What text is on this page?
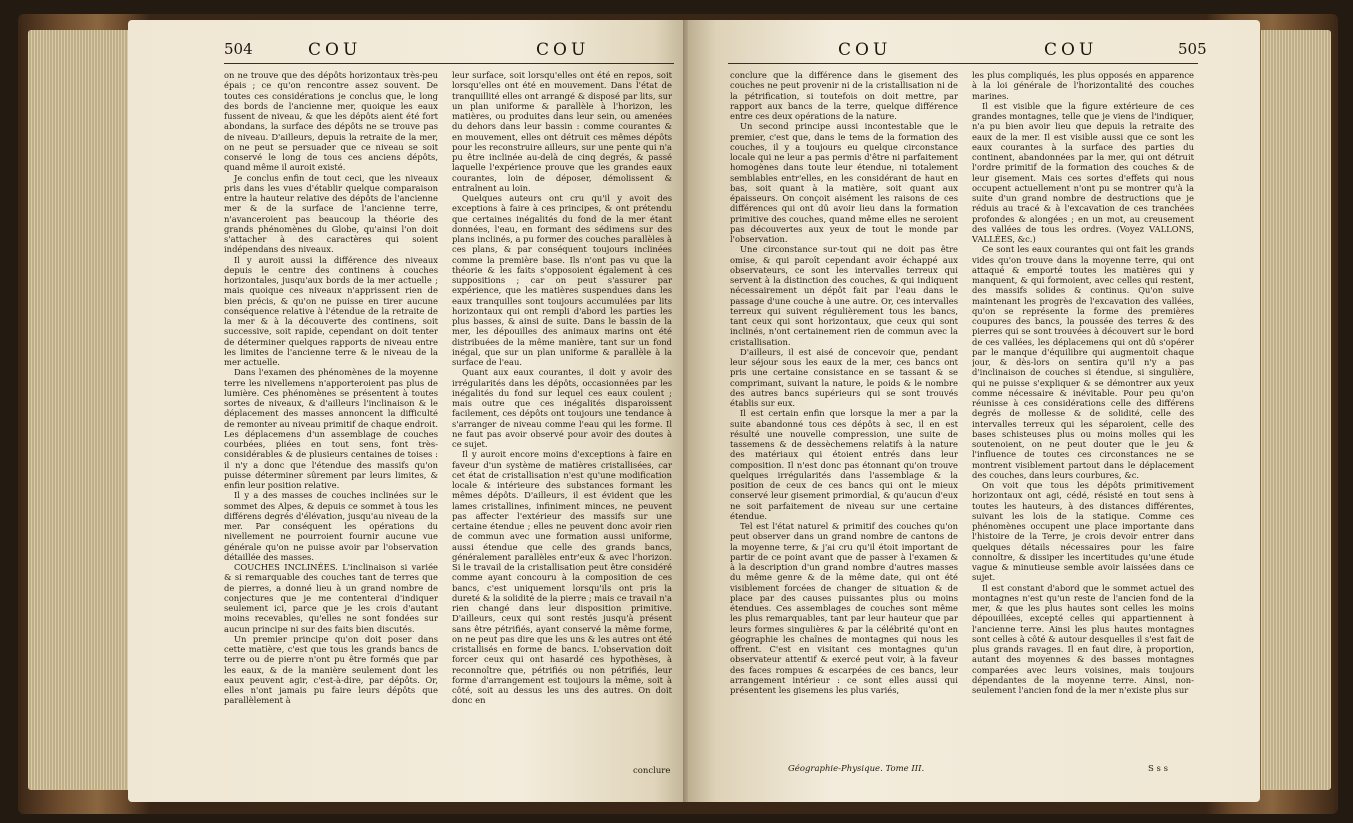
504	COU	COU

on ne trouve que des dépôts horizontaux très-peu épais ; ce qu'on rencontre assez souvent. De toutes ces considérations je conclus que, le long des bords de l'ancienne mer, quoique les eaux fussent de niveau, & que les dépôts aient été fort abondans, la surface des dépôts ne se trouve pas de niveau. D'ailleurs, depuis la retraite de la mer, on ne peut se persuader que ce niveau se soit conservé le long de tous ces anciens dépôts, quand même il auroit existé.

Je conclus enfin de tout ceci, que les niveaux pris dans les vues d'établir quelque comparaison entre la hauteur relative des dépôts de l'ancienne mer & de la surface de l'ancienne terre, n'avanceroient pas beaucoup la théorie des grands phénomènes du Globe, qu'ainsi l'on doit s'attacher à des caractères qui soient indépendans des niveaux.

Il y auroit aussi la différence des niveaux depuis le centre des continens à couches horizontales, jusqu'aux bords de la mer actuelle ; mais quoique ces niveaux n'apprissent rien de bien précis, & qu'on ne puisse en tirer aucune conséquence relative à l'étendue de la retraite de la mer & à la découverte des continens, soit successive, soit rapide, cependant on doit tenter de déterminer quelques rapports de niveau entre les limites de l'ancienne terre & le niveau de la mer actuelle.

Dans l'examen des phénomènes de la moyenne terre les nivellemens n'apporteroient pas plus de lumière. Ces phénomènes se présentent à toutes sortes de niveaux, & d'ailleurs l'inclinaison & le déplacement des masses annoncent la difficulté de remonter au niveau primitif de chaque endroit. Les déplacemens d'un assemblage de couches courbées, pliées en tout sens, font très-considérables & de plusieurs centaines de toises : il n'y a donc que l'étendue des massifs qu'on puisse déterminer sûrement par leurs limites, & enfin leur position relative.

Il y a des masses de couches inclinées sur le sommet des Alpes, & depuis ce sommet à tous les différens degrés d'élévation, jusqu'au niveau de la mer. Par conséquent les opérations du nivellement ne pourroient fournir aucune vue générale qu'on ne puisse avoir par l'observation détaillée des masses.

COUCHES INCLINÉES. L'inclinaison si variée & si remarquable des couches tant de terres que de pierres, a donné lieu à un grand nombre de conjectures que je me contenterai d'indiquer seulement ici, parce que je les crois d'autant moins recevables, qu'elles ne sont fondées sur aucun principe ni sur des faits bien discutés.

Un premier principe qu'on doit poser dans cette matière, c'est que tous les grands bancs de terre ou de pierre n'ont pu être formés que par les eaux, & de la manière seulement dont les eaux peuvent agir, c'est-à-dire, par dépôts. Or, elles n'ont jamais pu faire leurs dépôts que parallèlement à

leur surface, soit lorsqu'elles ont été en repos, soit lorsqu'elles ont été en mouvement. Dans l'état de tranquillité elles ont arrangé & disposé par lits, sur un plan uniforme & parallèle à l'horizon, les matières, ou produites dans leur sein, ou amenées du dehors dans leur bassin : comme courantes & en mouvement, elles ont détruit ces mêmes dépôts pour les reconstruire ailleurs, sur une pente qui n'a pu être inclinée au-delà de cinq degrés, & passé laquelle l'expérience prouve que les grandes eaux courantes, loin de déposer, démolissent & entraînent au loin.

Quelques auteurs ont cru qu'il y avoit des exceptions à faire à ces principes, & ont prétendu que certaines inégalités du fond de la mer étant données, l'eau, en formant des sédimens sur des plans inclinés, a pu former des couches parallèles à ces plans, & par conséquent toujours inclinées comme la première base. Ils n'ont pas vu que la théorie & les faits s'opposoient également à ces suppositions ; car on peut s'assurer par expérience, que les matières suspendues dans les eaux tranquilles sont toujours accumulées par lits horizontaux qui ont rempli d'abord les parties les plus basses, & ainsi de suite. Dans le bassin de la mer, les dépouilles des animaux marins ont été distribuées de la même manière, tant sur un fond inégal, que sur un plan uniforme & parallèle à la surface de l'eau.

Quant aux eaux courantes, il doit y avoir des irrégularités dans les dépôts, occasionnées par les inégalités du fond sur lequel ces eaux coulent ; mais outre que ces inégalités disparoissent facilement, ces dépôts ont toujours une tendance à s'arranger de niveau comme l'eau qui les forme. Il ne faut pas avoir observé pour avoir des doutes à ce sujet.

Il y auroit encore moins d'exceptions à faire en faveur d'un système de matières cristallisées, car cet état de cristallisation n'est qu'une modification locale & intérieure des substances formant les mêmes dépôts. D'ailleurs, il est évident que les lames cristallines, infiniment minces, ne peuvent pas affecter l'extérieur des massifs sur une certaine étendue ; elles ne peuvent donc avoir rien de commun avec une formation aussi uniforme, aussi étendue que celle des grands bancs, généralement parallèles entr'eux & avec l'horizon. Si le travail de la cristallisation peut être considéré comme ayant concouru à la composition de ces bancs, c'est uniquement lorsqu'ils ont pris la dureté & la solidité de la pierre ; mais ce travail n'a rien changé dans leur disposition primitive. D'ailleurs, ceux qui sont restés jusqu'à présent sans être pétrifiés, ayant conservé la même forme, on ne peut pas dire que les uns & les autres ont été cristallisés en forme de bancs. L'observation doit forcer ceux qui ont hasardé ces hypothèses, à reconnoître que, pétrifiés ou non pétrifiés, leur forme d'arrangement est toujours la même, soit à côté, soit au dessus les uns des autres. On doit donc en

conclure
COU	COU	505

conclure que la différence dans le gisement des couches ne peut provenir ni de la cristallisation ni de la pétrification, si toutefois on doit mettre, par rapport aux bancs de la terre, quelque différence entre ces deux opérations de la nature.

Un second principe aussi incontestable que le premier, c'est que, dans le tems de la formation des couches, il y a toujours eu quelque circonstance locale qui ne leur a pas permis d'être ni parfaitement homogènes dans toute leur étendue, ni totalement semblables entr'elles, en les considérant de haut en bas, soit quant à la matière, soit quant aux épaisseurs. On conçoit aisément les raisons de ces différences qui ont dû avoir lieu dans la formation primitive des couches, quand même elles ne seroient pas découvertes aux yeux de tout le monde par l'observation.

Une circonstance sur-tout qui ne doit pas être omise, & qui paroît cependant avoir échappé aux observateurs, ce sont les intervalles terreux qui servent à la distinction des couches, & qui indiquent nécessairement un dépôt fait par l'eau dans le passage d'une couche à une autre. Or, ces intervalles terreux qui suivent régulièrement tous les bancs, tant ceux qui sont horizontaux, que ceux qui sont inclinés, n'ont certainement rien de commun avec la cristallisation.

D'ailleurs, il est aisé de concevoir que, pendant leur séjour sous les eaux de la mer, ces bancs ont pris une certaine consistance en se tassant & se comprimant, suivant la nature, le poids & le nombre des autres bancs supérieurs qui se sont trouvés établis sur eux.

Il est certain enfin que lorsque la mer a par la suite abandonné tous ces dépôts à sec, il en est résulté une nouvelle compression, une suite de tassemens & de dessèchemens relatifs à la nature des matériaux qui étoient entrés dans leur composition. Il n'est donc pas étonnant qu'on trouve quelques irrégularités dans l'assemblage & la position de ceux de ces bancs qui ont le mieux conservé leur gisement primordial, & qu'aucun d'eux ne soit parfaitement de niveau sur une certaine étendue.

Tel est l'état naturel & primitif des couches qu'on peut observer dans un grand nombre de cantons de la moyenne terre, & j'ai cru qu'il étoit important de partir de ce point avant que de passer à l'examen & à la description d'un grand nombre d'autres masses du même genre & de la même date, qui ont été visiblement forcées de changer de situation & de place par des causes puissantes plus ou moins étendues. Ces assemblages de couches sont même les plus remarquables, tant par leur hauteur que par leurs formes singulières & par la célébrité qu'ont en géographie les chaînes de montagnes qui nous les offrent. C'est en visitant ces montagnes qu'un observateur attentif & exercé peut voir, à la faveur des faces rompues & escarpées de ces bancs, leur arrangement intérieur : ce sont elles aussi qui présentent les gisemens les plus variés,

les plus compliqués, les plus opposés en apparence à la loi générale de l'horizontalité des couches marines.

Il est visible que la figure extérieure de ces grandes montagnes, telle que je viens de l'indiquer, n'a pu bien avoir lieu que depuis la retraite des eaux de la mer. Il est visible aussi que ce sont les eaux courantes à la surface des parties du continent, abandonnées par la mer, qui ont détruit l'ordre primitif de la formation des couches & de leur gisement. Mais ces sortes d'effets qui nous occupent actuellement n'ont pu se montrer qu'à la suite d'un grand nombre de destructions que je réduis au tracé & à l'excavation de ces tranchées profondes & alongées ; en un mot, au creusement des vallées de tous les ordres. (Voyez VALLONS, VALLÉES, &c.)

Ce sont les eaux courantes qui ont fait les grands vides qu'on trouve dans la moyenne terre, qui ont attaqué & emporté toutes les matières qui y manquent, & qui formoient, avec celles qui restent, des massifs solides & continus. Qu'on suive maintenant les progrès de l'excavation des vallées, qu'on se représente la forme des premières coupures des bancs, la poussée des terres & des pierres qui se sont trouvées à découvert sur le bord de ces vallées, les déplacemens qui ont dû s'opérer par le manque d'équilibre qui augmentoit chaque jour, & dès-lors on sentira qu'il n'y a pas d'inclinaison de couches si étendue, si singulière, qui ne puisse s'expliquer & se démontrer aux yeux comme nécessaire & inévitable. Pour peu qu'on réunisse à ces considérations celle des différens degrés de mollesse & de solidité, celle des intervalles terreux qui les séparoient, celle des bases schisteuses plus ou moins molles qui les soutenoient, on ne peut douter que le jeu & l'influence de toutes ces circonstances ne se montrent visiblement partout dans le déplacement des couches, dans leurs courbures, &c.

On voit que tous les dépôts primitivement horizontaux ont agi, cédé, résisté en tout sens à toutes les hauteurs, à des distances différentes, suivant les lois de la statique. Comme ces phénomènes occupent une place importante dans l'histoire de la Terre, je crois devoir entrer dans quelques détails nécessaires pour les faire connoître, & dissiper les incertitudes qu'une étude vague & minutieuse semble avoir laissées dans ce sujet.

Il est constant d'abord que le sommet actuel des montagnes n'est qu'un reste de l'ancien fond de la mer, & que les plus hautes sont celles les moins dépouillées, excepté celles qui appartiennent à l'ancienne terre. Ainsi les plus hautes montagnes sont celles à côté & autour desquelles il s'est fait de plus grands ravages. Il en faut dire, à proportion, autant des moyennes & des basses montagnes comparées avec leurs voisines, mais toujours dépendantes de la moyenne terre. Ainsi, non-seulement l'ancien fond de la mer n'existe plus sur

Géographie-Physique. Tome III.	S s s
